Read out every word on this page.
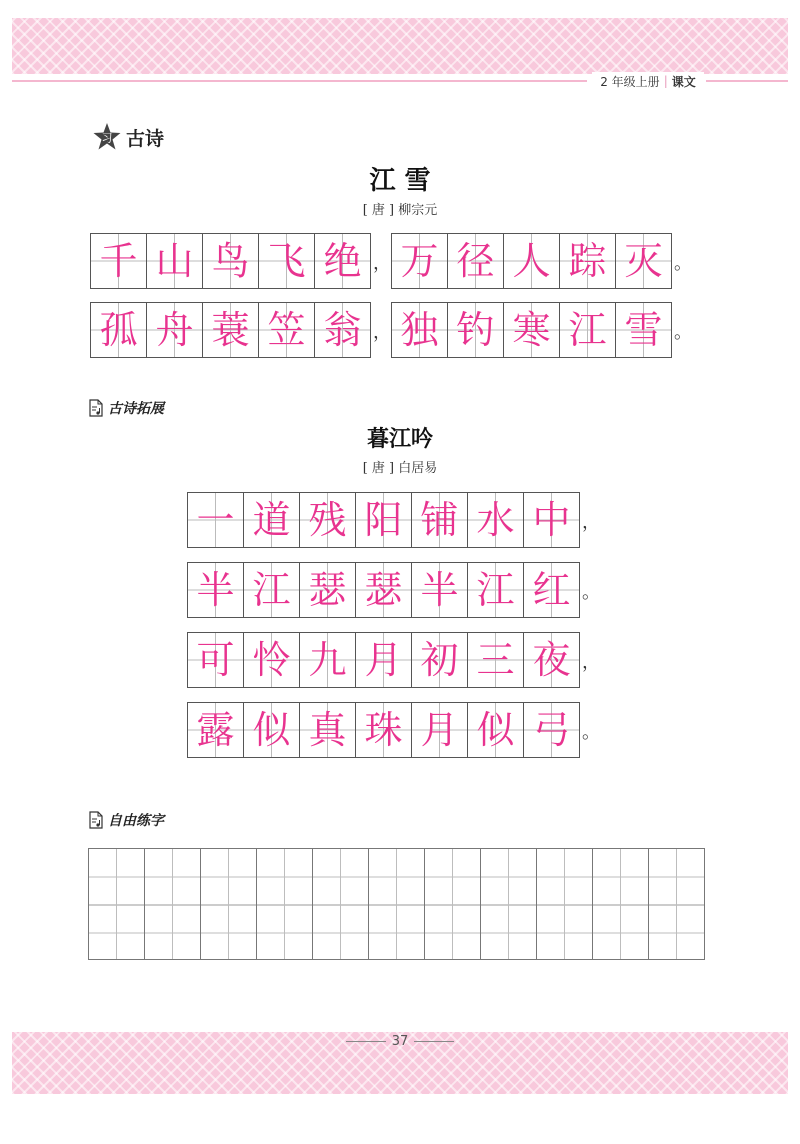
2 年级上册 | 课文
习 古诗
江 雪
[ 唐 ] 柳宗元
千 山 鸟 飞 绝 ， 万 径 人 踪 灭 。
孤 舟 蓑 笠 翁 ， 独 钓 寒 江 雪 。
古诗拓展
暮江吟
[ 唐 ] 白居易
一 道 残 阳 铺 水 中 ，
半 江 瑟 瑟 半 江 红 。
可 怜 九 月 初 三 夜 ，
露 似 真 珠 月 似 弓 。
自由练字
37
